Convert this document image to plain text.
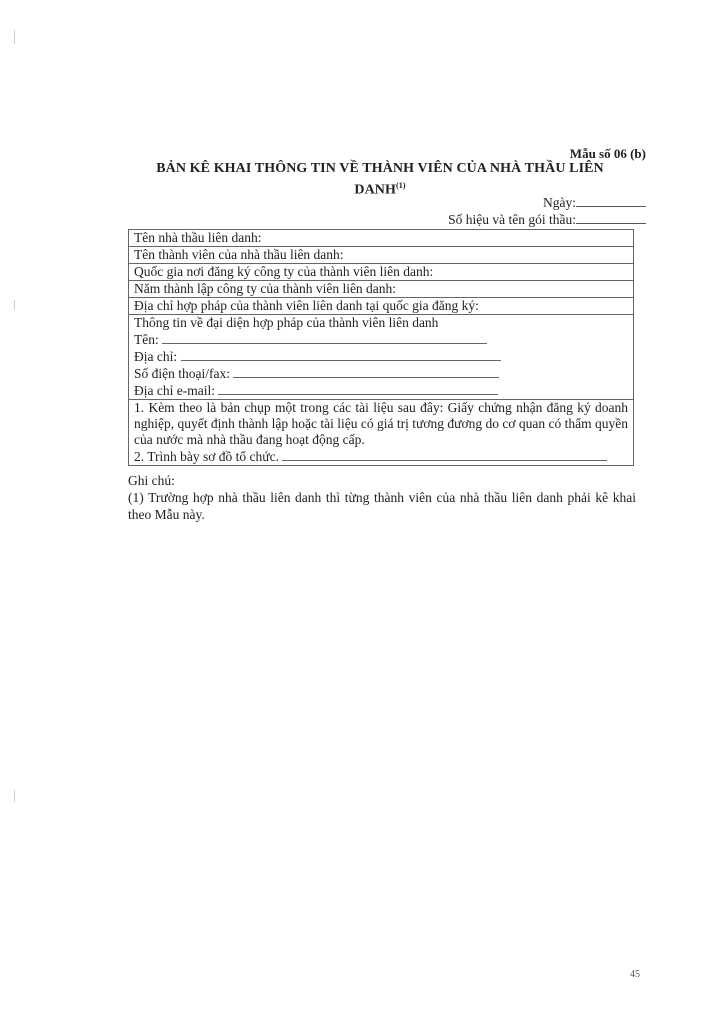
Mẫu số 06 (b)
BẢN KÊ KHAI THÔNG TIN VỀ THÀNH VIÊN CỦA NHÀ THẦU LIÊN DANH$^{(1)}$
Ngày:
Số hiệu và tên gói thầu:
Tên nhà thầu liên danh:
Tên thành viên của nhà thầu liên danh:
Quốc gia nơi đăng ký công ty của thành viên liên danh:
Năm thành lập công ty của thành viên liên danh:
Địa chỉ hợp pháp của thành viên liên danh tại quốc gia đăng ký:

Thông tin về đại diện hợp pháp của thành viên liên danh
Tên:
Địa chỉ:
Số điện thoại/fax:
Địa chỉ e-mail:

1. Kèm theo là bản chụp một trong các tài liệu sau đây: Giấy chứng nhận đăng ký doanh nghiệp, quyết định thành lập hoặc tài liệu có giá trị tương đương do cơ quan có thẩm quyền của nước mà nhà thầu đang hoạt động cấp.
2. Trình bày sơ đồ tổ chức.

Ghi chú:

(1) Trường hợp nhà thầu liên danh thì từng thành viên của nhà thầu liên danh phải kê khai theo Mẫu này.

45
